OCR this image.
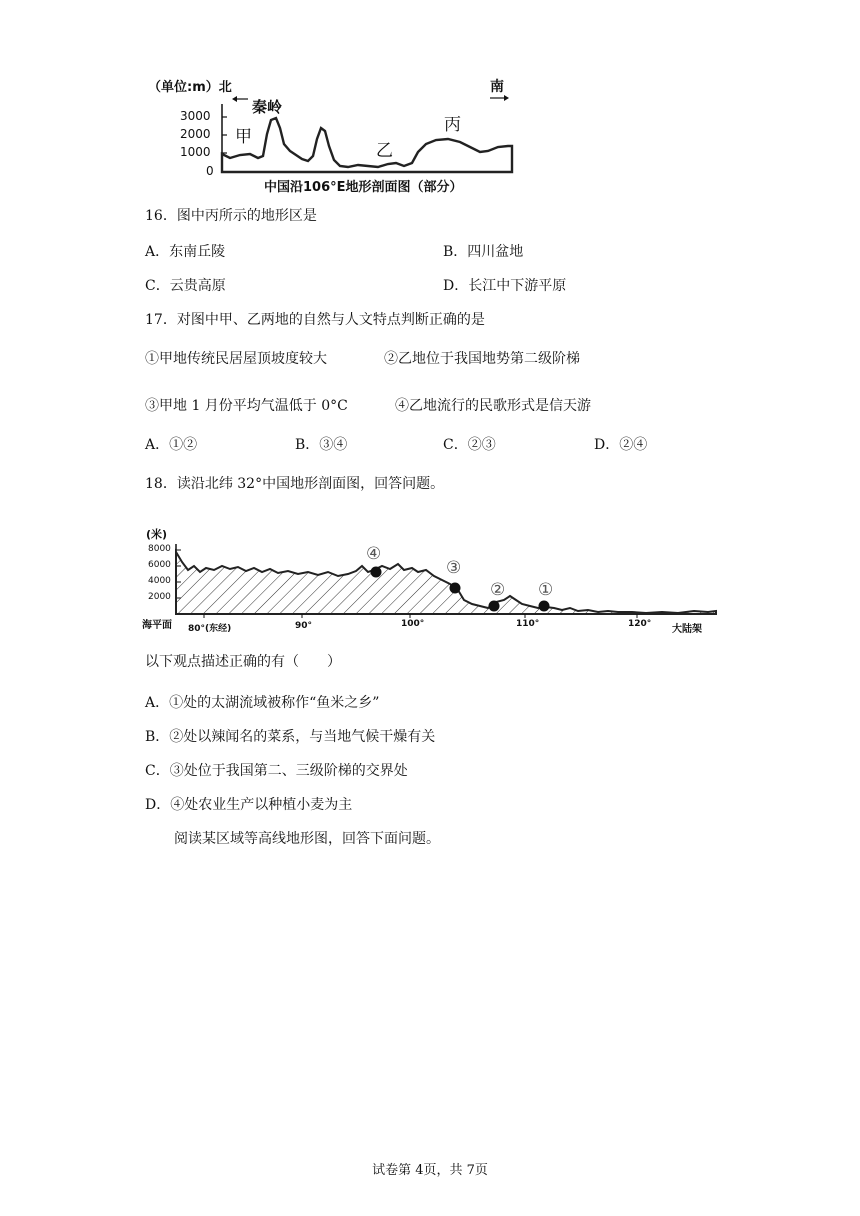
（单位:m）北	南
秦岭
甲
乙
丙
3000
2000
1000
0
中国沿106°E地形剖面图（部分）
16．图中丙所示的地形区是
A．东南丘陵	B．四川盆地
C．云贵高原	D．长江中下游平原
17．对图中甲、乙两地的自然与人文特点判断正确的是
①甲地传统民居屋顶坡度较大	②乙地位于我国地势第二级阶梯
③甲地 1 月份平均气温低于 0°C	④乙地流行的民歌形式是信天游
A．①②	B．③④	C．②③	D．②④
18．读沿北纬 32°中国地形剖面图，回答问题。
(米)
8000
6000
4000
2000
海平面 80°(东经)	90°	100°	110°	120° 大陆架
④
③
② ①
以下观点描述正确的有（　　）
A．①处的太湖流域被称作“鱼米之乡”
B．②处以辣闻名的菜系，与当地气候干燥有关
C．③处位于我国第二、三级阶梯的交界处
D．④处农业生产以种植小麦为主
阅读某区域等高线地形图，回答下面问题。
试卷第 4页，共 7页
